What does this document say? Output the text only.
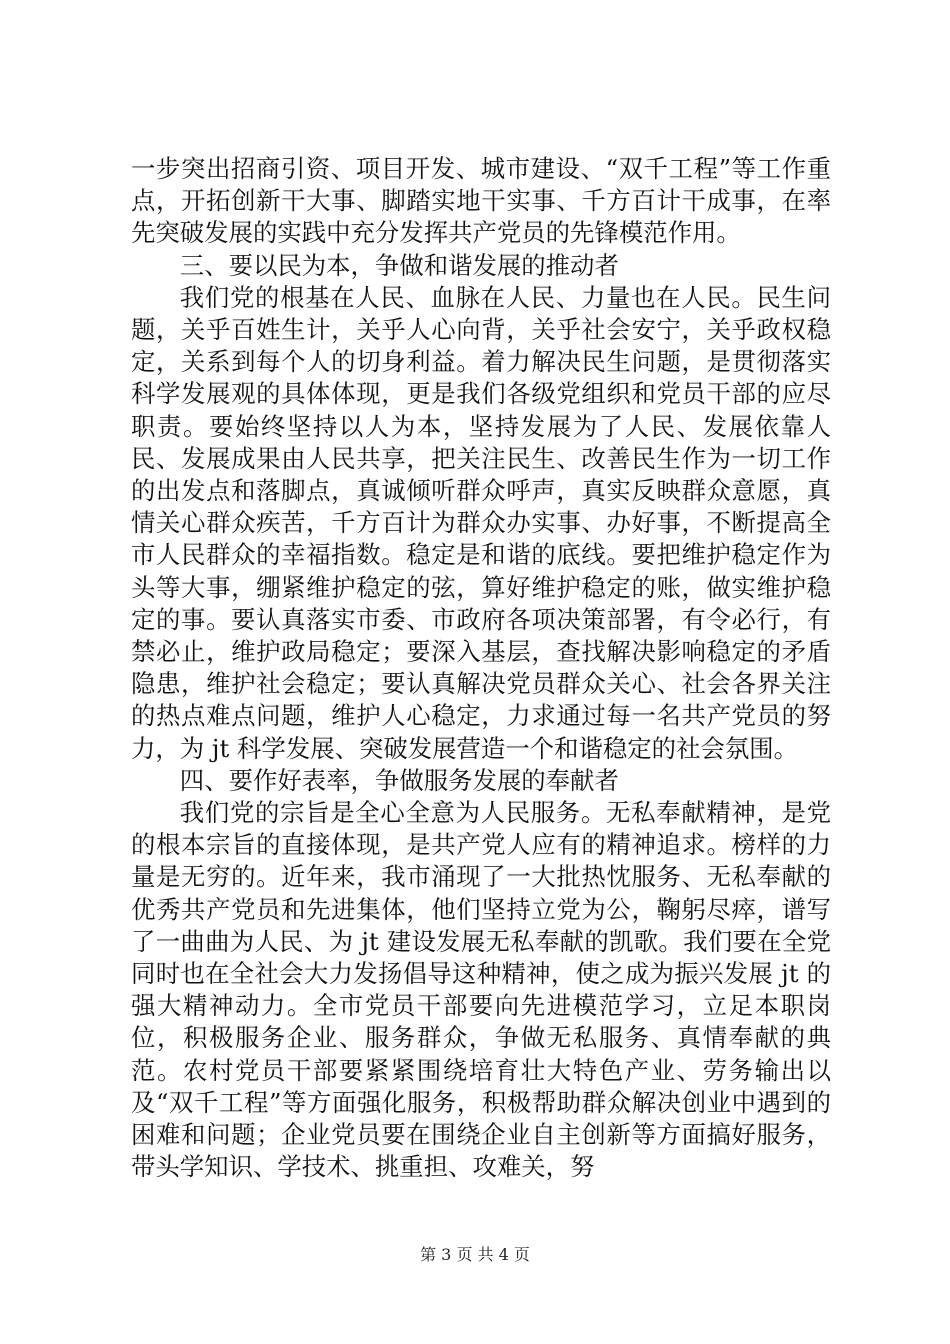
一步突出招商引资、项目开发、城市建设、“双千工程”等工作重点，开拓创新干大事、脚踏实地干实事、千方百计干成事，在率先突破发展的实践中充分发挥共产党员的先锋模范作用。

三、要以民为本，争做和谐发展的推动者

我们党的根基在人民、血脉在人民、力量也在人民。民生问题，关乎百姓生计，关乎人心向背，关乎社会安宁，关乎政权稳定，关系到每个人的切身利益。着力解决民生问题，是贯彻落实科学发展观的具体体现，更是我们各级党组织和党员干部的应尽职责。要始终坚持以人为本，坚持发展为了人民、发展依靠人民、发展成果由人民共享，把关注民生、改善民生作为一切工作的出发点和落脚点，真诚倾听群众呼声，真实反映群众意愿，真情关心群众疾苦，千方百计为群众办实事、办好事，不断提高全市人民群众的幸福指数。稳定是和谐的底线。要把维护稳定作为头等大事，绷紧维护稳定的弦，算好维护稳定的账，做实维护稳定的事。要认真落实市委、市政府各项决策部署，有令必行，有禁必止，维护政局稳定；要深入基层，查找解决影响稳定的矛盾隐患，维护社会稳定；要认真解决党员群众关心、社会各界关注的热点难点问题，维护人心稳定，力求通过每一名共产党员的努力，为 jt 科学发展、突破发展营造一个和谐稳定的社会氛围。

四、要作好表率，争做服务发展的奉献者

我们党的宗旨是全心全意为人民服务。无私奉献精神，是党的根本宗旨的直接体现，是共产党人应有的精神追求。榜样的力量是无穷的。近年来，我市涌现了一大批热忱服务、无私奉献的优秀共产党员和先进集体，他们坚持立党为公，鞠躬尽瘁，谱写了一曲曲为人民、为 jt 建设发展无私奉献的凯歌。我们要在全党同时也在全社会大力发扬倡导这种精神，使之成为振兴发展 jt 的强大精神动力。全市党员干部要向先进模范学习，立足本职岗位，积极服务企业、服务群众，争做无私服务、真情奉献的典范。农村党员干部要紧紧围绕培育壮大特色产业、劳务输出以及“双千工程”等方面强化服务，积极帮助群众解决创业中遇到的困难和问题；企业党员要在围绕企业自主创新等方面搞好服务，带头学知识、学技术、挑重担、攻难关，努

第 3 页 共 4 页
